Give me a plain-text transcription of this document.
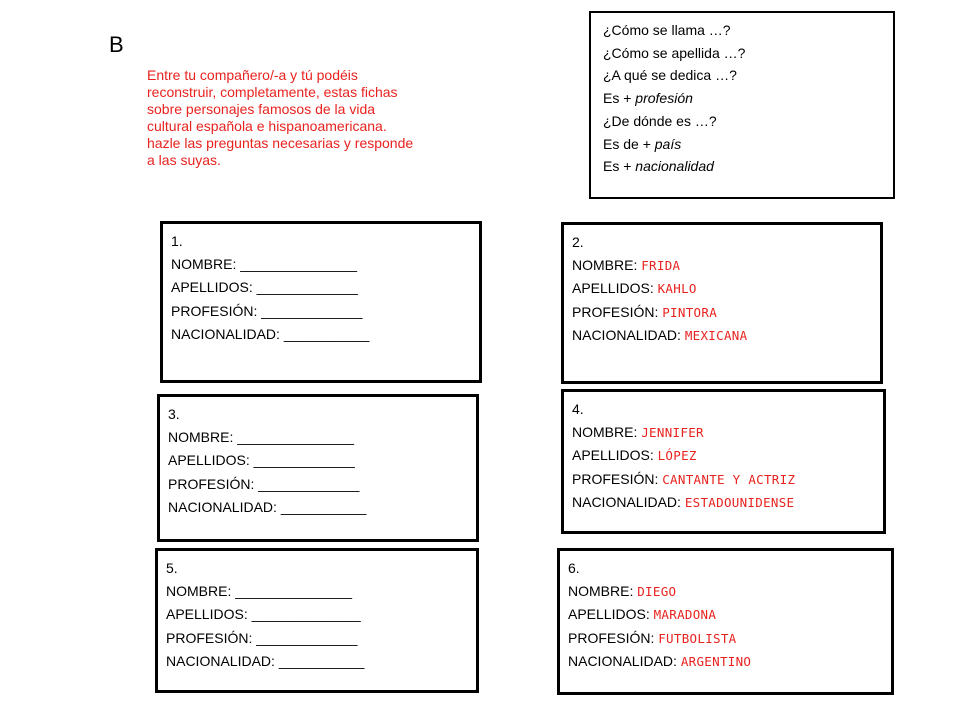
B
Entre tu compañero/-a y tú podéis
reconstruir, completamente, estas fichas
sobre personajes famosos de la vida
cultural española e hispanoamericana.
hazle las preguntas necesarias y responde
a las suyas.
¿Cómo se llama …?
¿Cómo se apellida …?
¿A qué se dedica …?
Es + profesión
¿De dónde es …?
Es de + país
Es + nacionalidad
1.
NOMBRE: _______________
APELLIDOS: _____________
PROFESIÓN: _____________
NACIONALIDAD: ___________
2.
NOMBRE: FRIDA
APELLIDOS: KAHLO
PROFESIÓN: PINTORA
NACIONALIDAD: MEXICANA
3.
NOMBRE: _______________
APELLIDOS: _____________
PROFESIÓN: _____________
NACIONALIDAD: ___________
4.
NOMBRE: JENNIFER
APELLIDOS: LÓPEZ
PROFESIÓN: CANTANTE Y ACTRIZ
NACIONALIDAD: ESTADOUNIDENSE
5.
NOMBRE: _______________
APELLIDOS: ______________
PROFESIÓN: _____________
NACIONALIDAD: ___________
6.
NOMBRE: DIEGO
APELLIDOS: MARADONA
PROFESIÓN: FUTBOLISTA
NACIONALIDAD: ARGENTINO
